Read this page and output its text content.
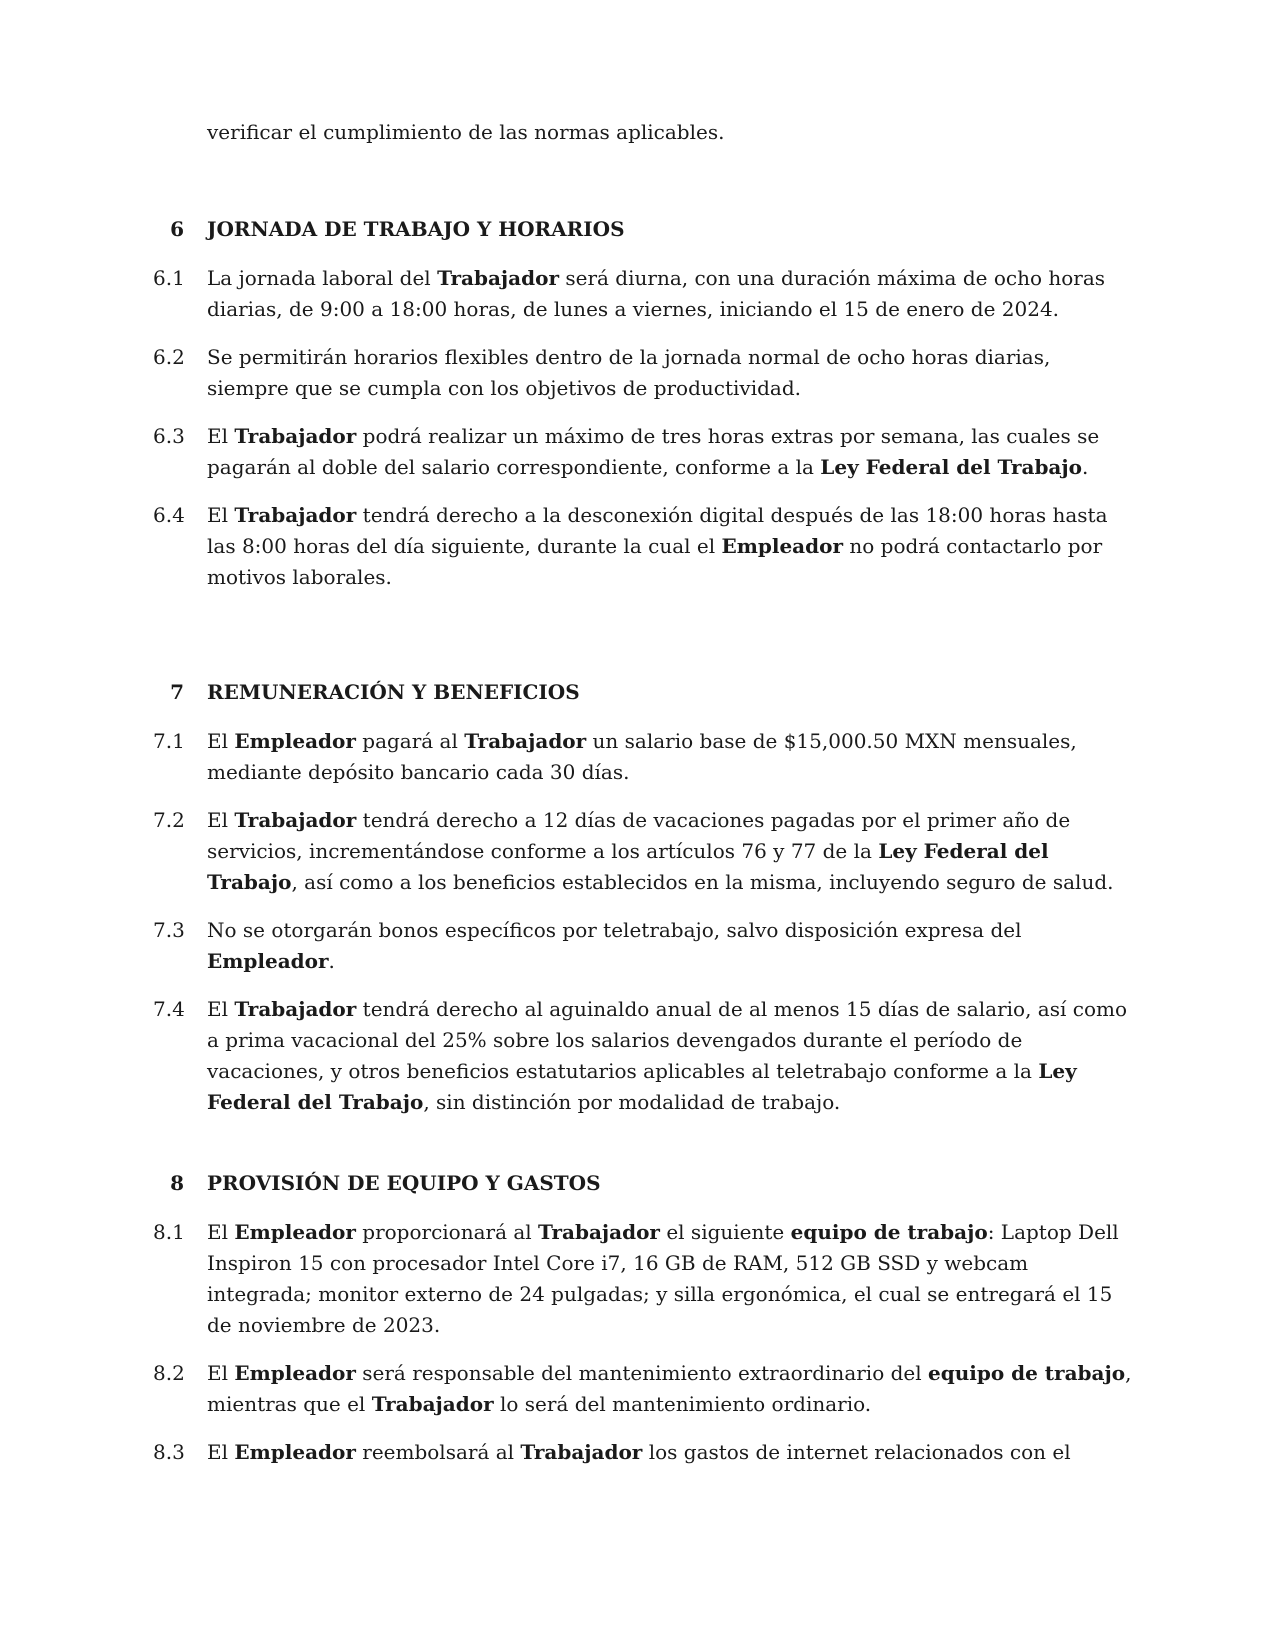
verificar el cumplimiento de las normas aplicables.

6 JORNADA DE TRABAJO Y HORARIOS
6.1 La jornada laboral del Trabajador será diurna, con una duración máxima de ocho horas diarias, de 9:00 a 18:00 horas, de lunes a viernes, iniciando el 15 de enero de 2024.
6.2 Se permitirán horarios flexibles dentro de la jornada normal de ocho horas diarias, siempre que se cumpla con los objetivos de productividad.
6.3 El Trabajador podrá realizar un máximo de tres horas extras por semana, las cuales se pagarán al doble del salario correspondiente, conforme a la Ley Federal del Trabajo.
6.4 El Trabajador tendrá derecho a la desconexión digital después de las 18:00 horas hasta las 8:00 horas del día siguiente, durante la cual el Empleador no podrá contactarlo por motivos laborales.
7 REMUNERACIÓN Y BENEFICIOS
7.1 El Empleador pagará al Trabajador un salario base de $15,000.50 MXN mensuales, mediante depósito bancario cada 30 días.
7.2 El Trabajador tendrá derecho a 12 días de vacaciones pagadas por el primer año de servicios, incrementándose conforme a los artículos 76 y 77 de la Ley Federal del Trabajo, así como a los beneficios establecidos en la misma, incluyendo seguro de salud.
7.3 No se otorgarán bonos específicos por teletrabajo, salvo disposición expresa del Empleador.
7.4 El Trabajador tendrá derecho al aguinaldo anual de al menos 15 días de salario, así como a prima vacacional del 25% sobre los salarios devengados durante el período de vacaciones, y otros beneficios estatutarios aplicables al teletrabajo conforme a la Ley Federal del Trabajo, sin distinción por modalidad de trabajo.
8 PROVISIÓN DE EQUIPO Y GASTOS
8.1 El Empleador proporcionará al Trabajador el siguiente equipo de trabajo: Laptop Dell Inspiron 15 con procesador Intel Core i7, 16 GB de RAM, 512 GB SSD y webcam integrada; monitor externo de 24 pulgadas; y silla ergonómica, el cual se entregará el 15 de noviembre de 2023.
8.2 El Empleador será responsable del mantenimiento extraordinario del equipo de trabajo, mientras que el Trabajador lo será del mantenimiento ordinario.
8.3 El Empleador reembolsará al Trabajador los gastos de internet relacionados con el
